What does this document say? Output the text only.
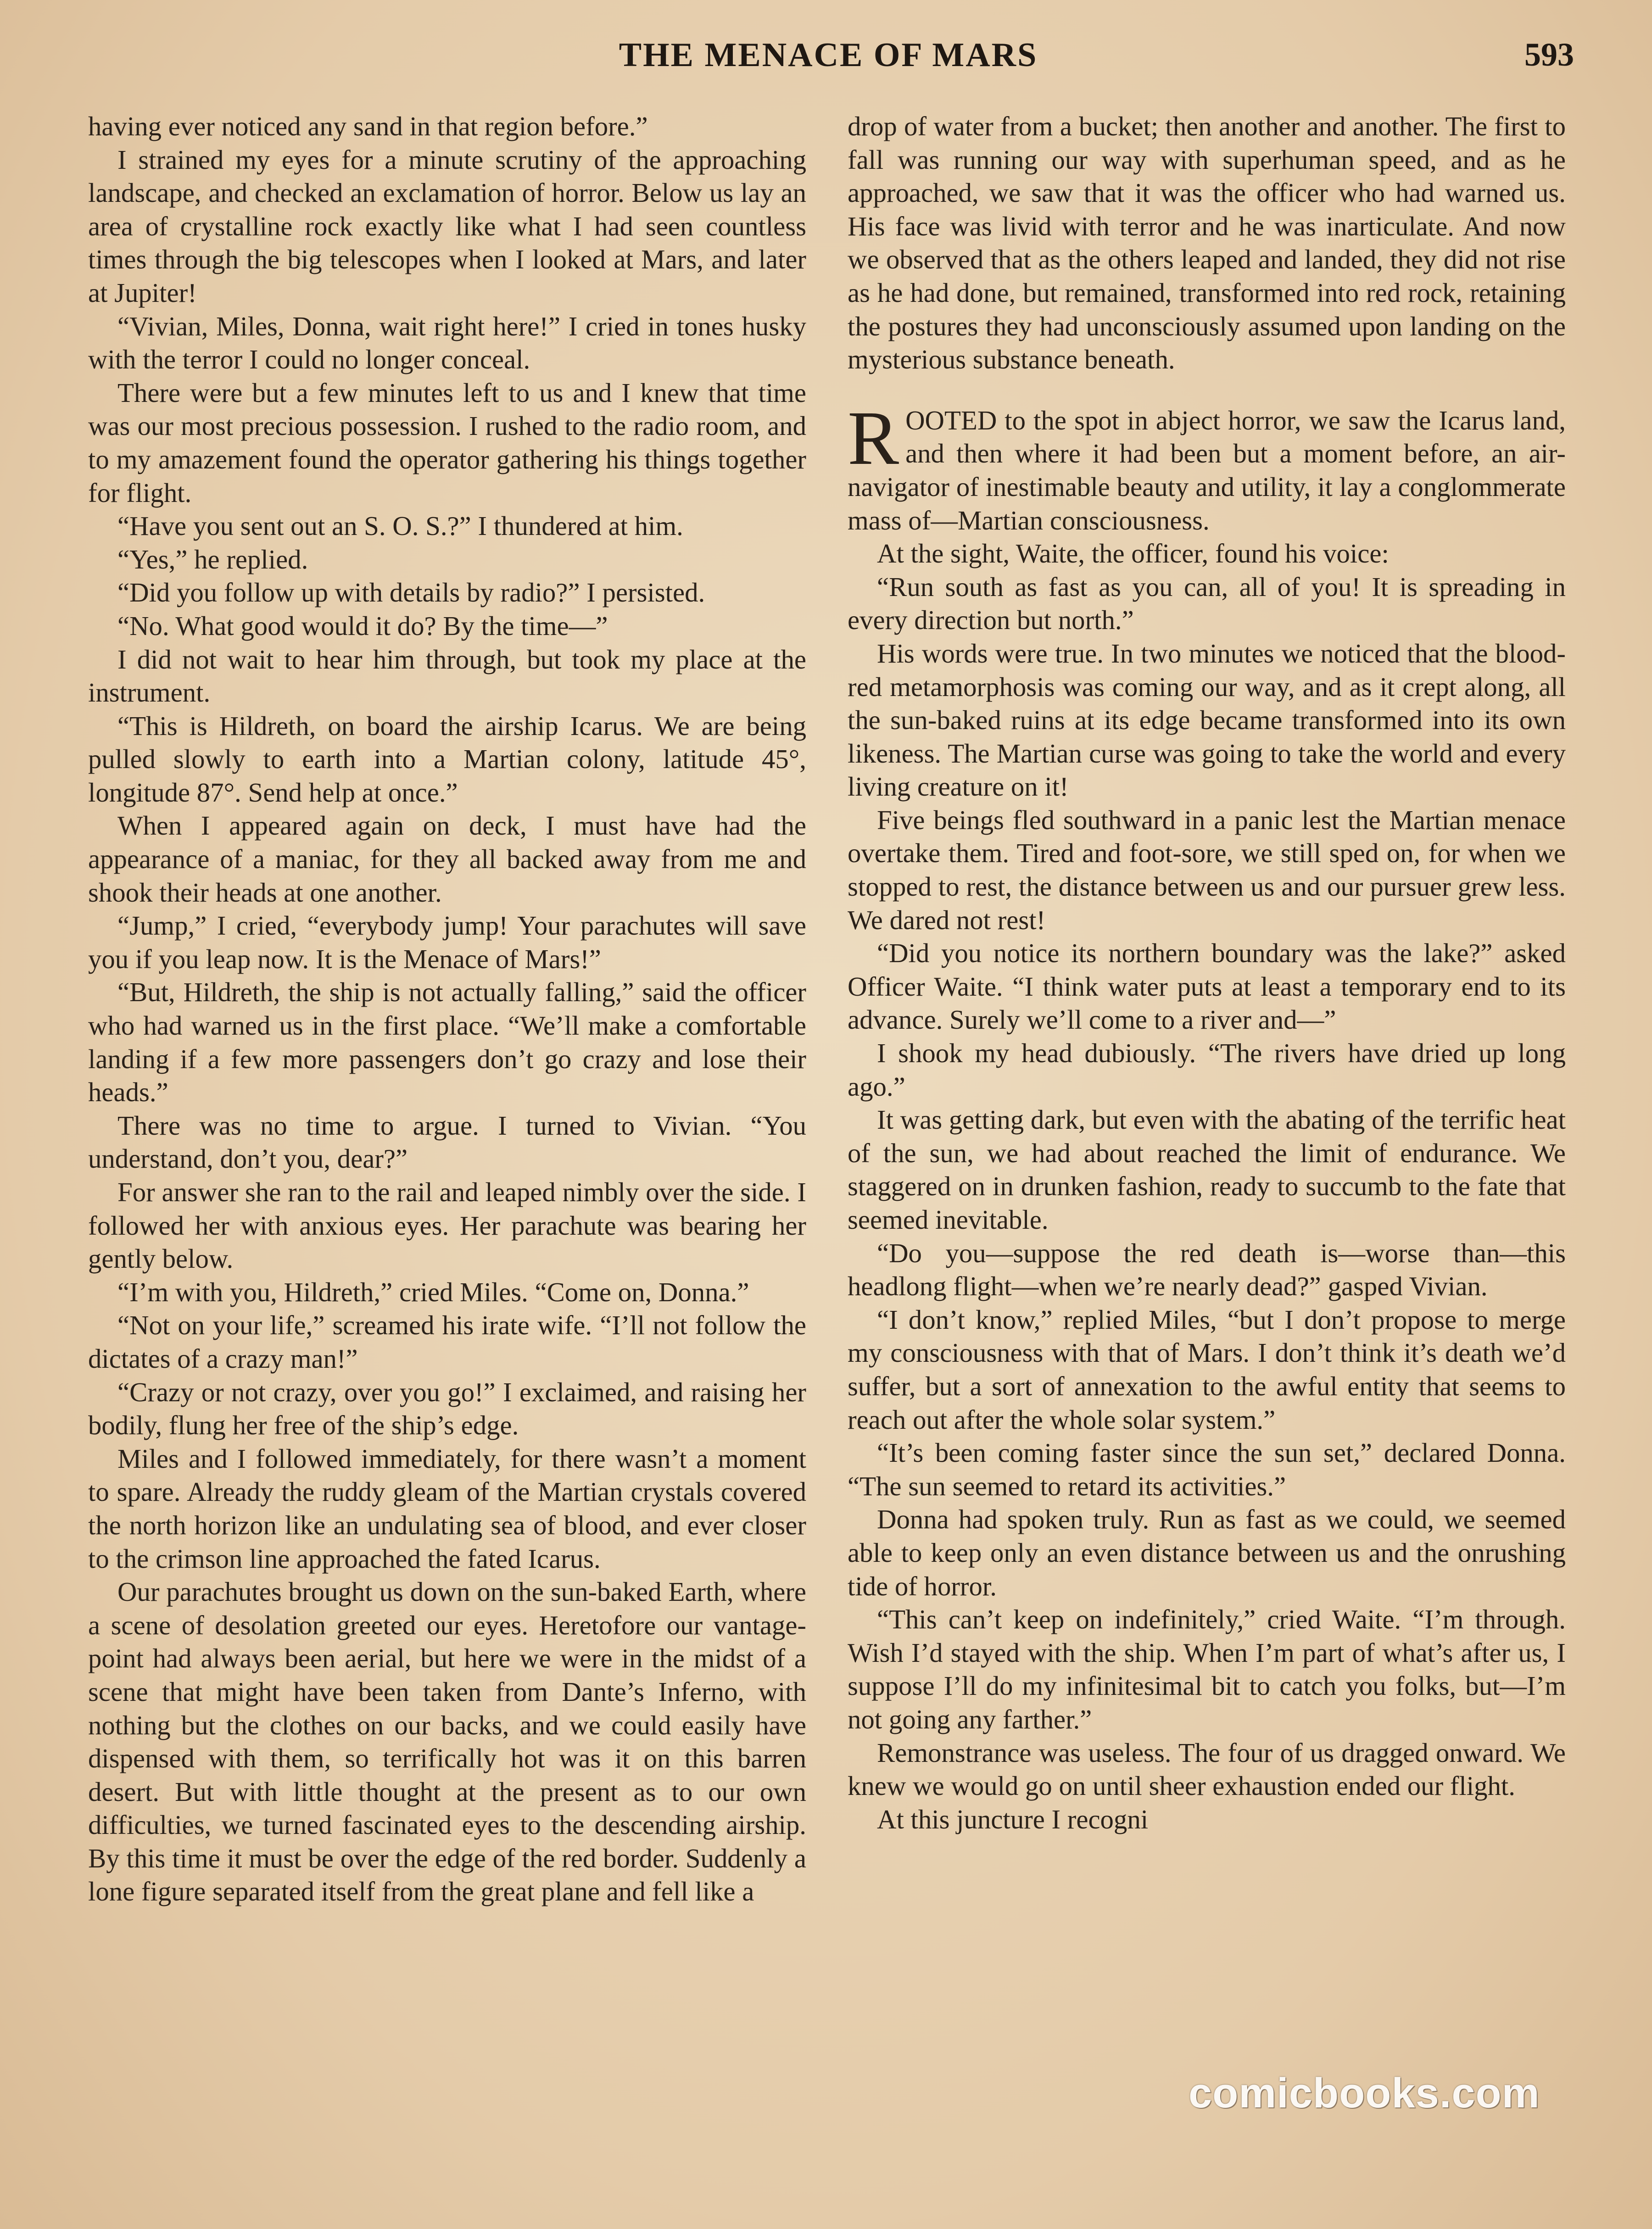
THE MENACE OF MARS	593

having ever noticed any sand in that region before.”

I strained my eyes for a minute scrutiny of the approaching landscape, and checked an exclamation of horror. Below us lay an area of crystalline rock exactly like what I had seen countless times through the big telescopes when I looked at Mars, and later at Jupiter!

“Vivian, Miles, Donna, wait right here!” I cried in tones husky with the terror I could no longer conceal.

There were but a few minutes left to us and I knew that time was our most precious possession. I rushed to the radio room, and to my amazement found the operator gathering his things together for flight.

“Have you sent out an S. O. S.?” I thundered at him.

“Yes,” he replied.

“Did you follow up with details by radio?” I persisted.

“No. What good would it do? By the time—”

I did not wait to hear him through, but took my place at the instrument.

“This is Hildreth, on board the airship Icarus. We are being pulled slowly to earth into a Martian colony, latitude 45°, longitude 87°. Send help at once.”

When I appeared again on deck, I must have had the appearance of a maniac, for they all backed away from me and shook their heads at one another.

“Jump,” I cried, “everybody jump! Your parachutes will save you if you leap now. It is the Menace of Mars!”

“But, Hildreth, the ship is not actually falling,” said the officer who had warned us in the first place. “We’ll make a comfortable landing if a few more passengers don’t go crazy and lose their heads.”

There was no time to argue. I turned to Vivian. “You understand, don’t you, dear?”

For answer she ran to the rail and leaped nimbly over the side. I followed her with anxious eyes. Her parachute was bearing her gently below.

“I’m with you, Hildreth,” cried Miles. “Come on, Donna.”

“Not on your life,” screamed his irate wife. “I’ll not follow the dictates of a crazy man!”

“Crazy or not crazy, over you go!” I exclaimed, and raising her bodily, flung her free of the ship’s edge.

Miles and I followed immediately, for there wasn’t a moment to spare. Already the ruddy gleam of the Martian crystals covered the north horizon like an undulating sea of blood, and ever closer to the crimson line approached the fated Icarus.

Our parachutes brought us down on the sun-baked Earth, where a scene of desolation greeted our eyes. Heretofore our vantage-point had always been aerial, but here we were in the midst of a scene that might have been taken from Dante’s Inferno, with nothing but the clothes on our backs, and we could easily have dispensed with them, so terrifically hot was it on this barren desert. But with little thought at the present as to our own difficulties, we turned fascinated eyes to the descending airship. By this time it must be over the edge of the red border. Suddenly a lone figure separated itself from the great plane and fell like a

drop of water from a bucket; then another and another. The first to fall was running our way with superhuman speed, and as he approached, we saw that it was the officer who had warned us. His face was livid with terror and he was inarticulate. And now we observed that as the others leaped and landed, they did not rise as he had done, but remained, transformed into red rock, retaining the postures they had unconsciously assumed upon landing on the mysterious substance beneath.

ROOTED to the spot in abject horror, we saw the Icarus land, and then where it had been but a moment before, an air-navigator of inestimable beauty and utility, it lay a conglommerate mass of—Martian consciousness.

At the sight, Waite, the officer, found his voice:

“Run south as fast as you can, all of you! It is spreading in every direction but north.”

His words were true. In two minutes we noticed that the blood-red metamorphosis was coming our way, and as it crept along, all the sun-baked ruins at its edge became transformed into its own likeness. The Martian curse was going to take the world and every living creature on it!

Five beings fled southward in a panic lest the Martian menace overtake them. Tired and foot-sore, we still sped on, for when we stopped to rest, the distance between us and our pursuer grew less. We dared not rest!

“Did you notice its northern boundary was the lake?” asked Officer Waite. “I think water puts at least a temporary end to its advance. Surely we’ll come to a river and—”

I shook my head dubiously. “The rivers have dried up long ago.”

It was getting dark, but even with the abating of the terrific heat of the sun, we had about reached the limit of endurance. We staggered on in drunken fashion, ready to succumb to the fate that seemed inevitable.

“Do you—suppose the red death is—worse than—this headlong flight—when we’re nearly dead?” gasped Vivian.

“I don’t know,” replied Miles, “but I don’t propose to merge my consciousness with that of Mars. I don’t think it’s death we’d suffer, but a sort of annexation to the awful entity that seems to reach out after the whole solar system.”

“It’s been coming faster since the sun set,” declared Donna. “The sun seemed to retard its activities.”

Donna had spoken truly. Run as fast as we could, we seemed able to keep only an even distance between us and the onrushing tide of horror.

“This can’t keep on indefinitely,” cried Waite. “I’m through. Wish I’d stayed with the ship. When I’m part of what’s after us, I suppose I’ll do my infinitesimal bit to catch you folks, but—I’m not going any farther.”

Remonstrance was useless. The four of us dragged onward. We knew we would go on until sheer exhaustion ended our flight.

At this juncture I recogni

comicbooks.com
